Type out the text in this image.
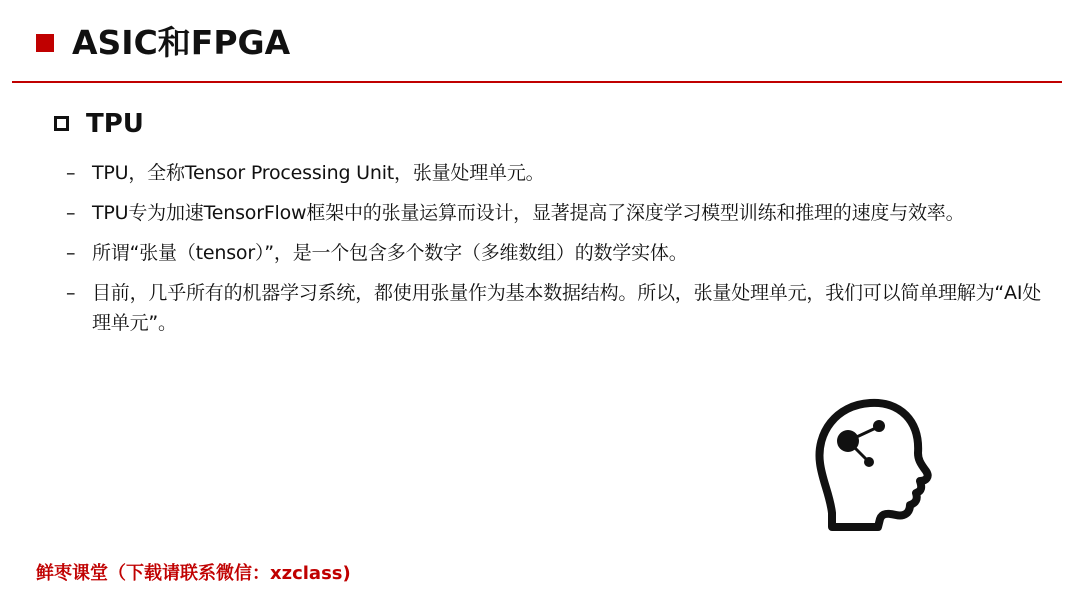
ASIC和FPGA
TPU
– TPU，全称Tensor Processing Unit，张量处理单元。
– TPU专为加速TensorFlow框架中的张量运算而设计，显著提高了深度学习模型训练和推理的速度与效率。
– 所谓“张量（tensor）”，是一个包含多个数字（多维数组）的数学实体。
– 目前，几乎所有的机器学习系统，都使用张量作为基本数据结构。所以，张量处理单元，我们可以简单理解为“AI处理单元”。
鲜枣课堂（下载请联系微信：xzclass)
